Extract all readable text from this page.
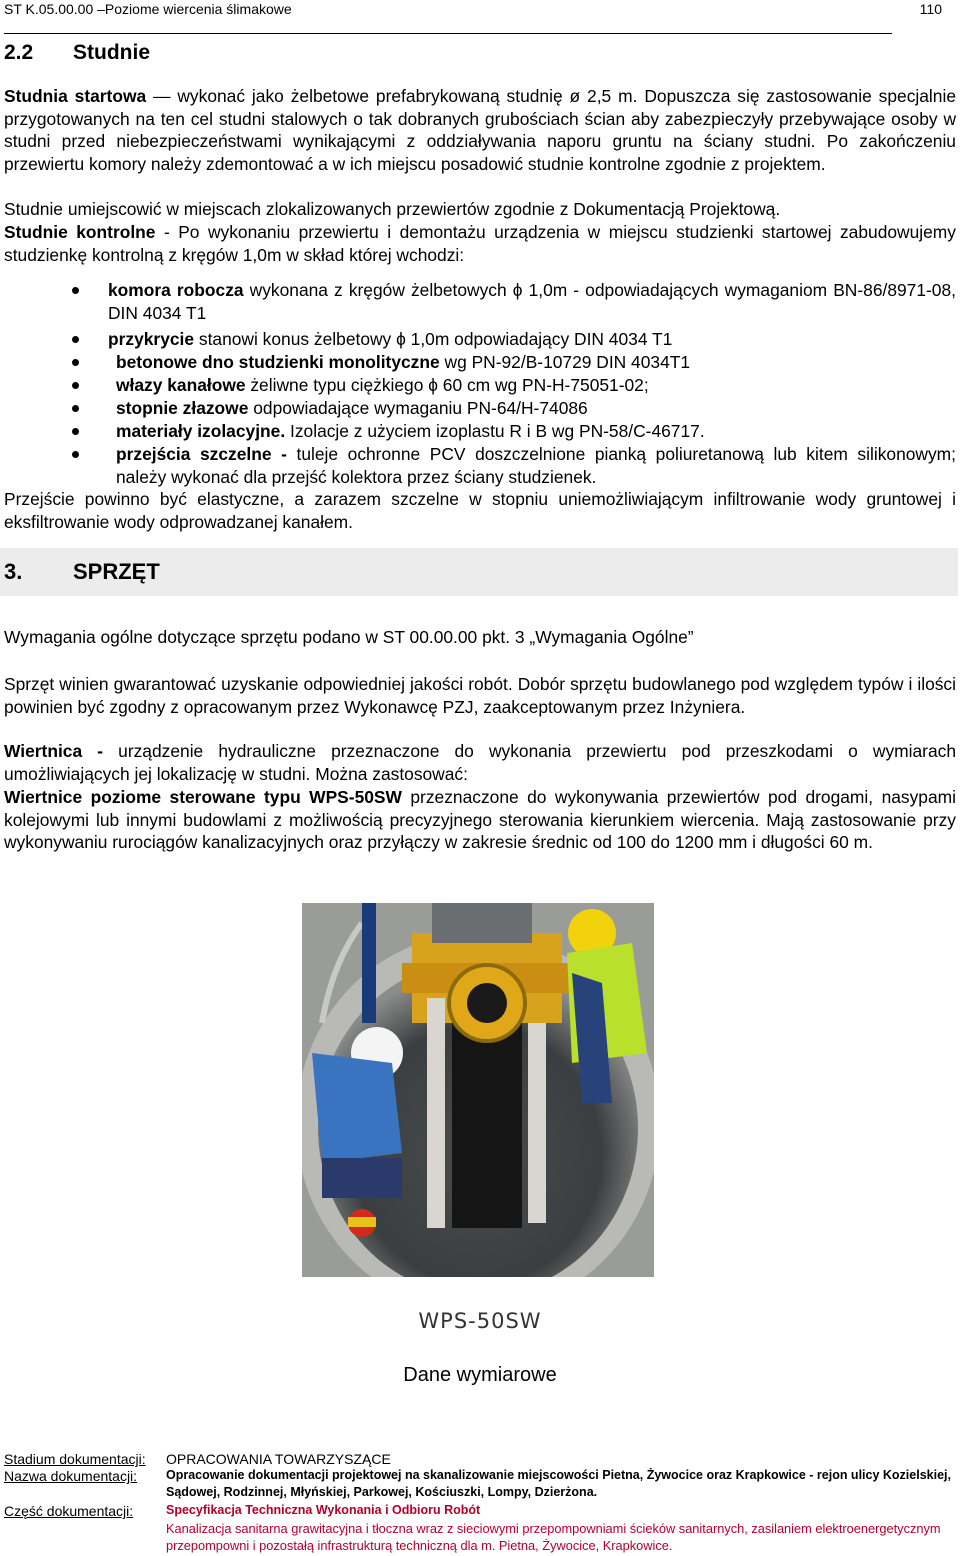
ST K.05.00.00 –Poziome wiercenia ślimakowe	110
2.2 Studnie
Studnia startowa — wykonać jako żelbetowe prefabrykowaną studnię ø 2,5 m. Dopuszcza się zastosowanie specjalnie przygotowanych na ten cel studni stalowych o tak dobranych grubościach ścian aby zabezpieczyły przebywające osoby w studni przed niebezpieczeństwami wynikającymi z oddziaływania naporu gruntu na ściany studni. Po zakończeniu przewiertu komory należy zdemontować a w ich miejscu posadowić studnie kontrolne zgodnie z projektem.
Studnie umiejscowić w miejscach zlokalizowanych przewiertów zgodnie z Dokumentacją Projektową.
Studnie kontrolne - Po wykonaniu przewiertu i demontażu urządzenia w miejscu studzienki startowej zabudowujemy studzienkę kontrolną z kręgów 1,0m w skład której wchodzi:
komora robocza wykonana z kręgów żelbetowych ϕ 1,0m - odpowiadających wymaganiom BN-86/8971-08, DIN 4034 T1
przykrycie stanowi konus żelbetowy ϕ 1,0m odpowiadający DIN 4034 T1
betonowe dno studzienki monolityczne wg PN-92/B-10729 DIN 4034T1
włazy kanałowe żeliwne typu ciężkiego ϕ 60 cm wg PN-H-75051-02;
stopnie złazowe odpowiadające wymaganiu PN-64/H-74086
materiały izolacyjne. Izolacje z użyciem izoplastu R i B wg PN-58/C-46717.
przejścia szczelne - tuleje ochronne PCV doszczelnione pianką poliuretanową lub kitem silikonowym; należy wykonać dla przejść kolektora przez ściany studzienek.
Przejście powinno być elastyczne, a zarazem szczelne w stopniu uniemożliwiającym infiltrowanie wody gruntowej i eksfiltrowanie wody odprowadzanej kanałem.
3. SPRZĘT
Wymagania ogólne dotyczące sprzętu podano w ST 00.00.00 pkt. 3 „Wymagania Ogólne”
Sprzęt winien gwarantować uzyskanie odpowiedniej jakości robót. Dobór sprzętu budowlanego pod względem typów i ilości powinien być zgodny z opracowanym przez Wykonawcę PZJ, zaakceptowanym przez Inżyniera.
Wiertnica - urządzenie hydrauliczne przeznaczone do wykonania przewiertu pod przeszkodami o wymiarach umożliwiających jej lokalizację w studni. Można zastosować:
Wiertnice poziome sterowane typu WPS-50SW przeznaczone do wykonywania przewiertów pod drogami, nasypami kolejowymi lub innymi budowlami z możliwością precyzyjnego sterowania kierunkiem wiercenia. Mają zastosowanie przy wykonywaniu rurociągów kanalizacyjnych oraz przyłączy w zakresie średnic od 100 do 1200 mm i długości 60 m.
WPS-50SW
Dane wymiarowe
Stadium dokumentacji: OPRACOWANIA TOWARZYSZĄCE
Nazwa dokumentacji: Opracowanie dokumentacji projektowej na skanalizowanie miejscowości Pietna, Żywocice oraz Krapkowice - rejon ulicy Kozielskiej, Sądowej, Rodzinnej, Młyńskiej, Parkowej, Kościuszki, Lompy, Dzierżona.
Część dokumentacji:	Specyfikacja Techniczna Wykonania i Odbioru Robót
Kanalizacja sanitarna grawitacyjna i tłoczna wraz z sieciowymi przepompowniami ścieków sanitarnych, zasilaniem elektroenergetycznym przepompowni i pozostałą infrastrukturą techniczną dla m. Pietna, Żywocice, Krapkowice.
